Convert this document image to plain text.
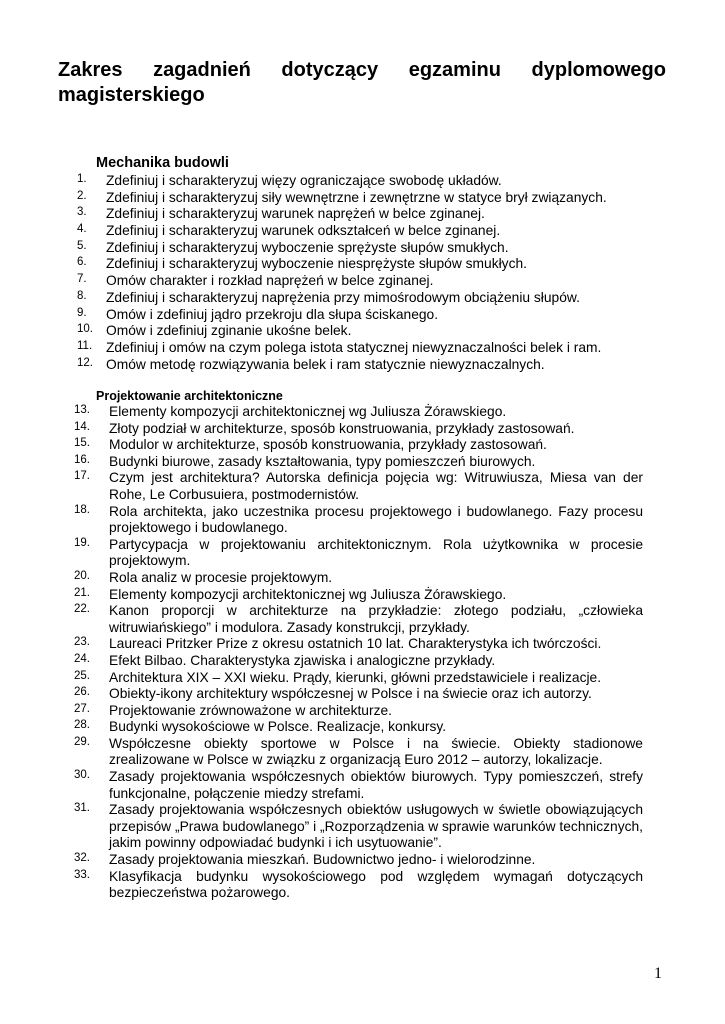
Zakres zagadnień dotyczący egzaminu dyplomowego
magisterskiego
Mechanika budowli
1.	Zdefiniuj i scharakteryzuj więzy ograniczające swobodę układów.
2.	Zdefiniuj i scharakteryzuj siły wewnętrzne i zewnętrzne w statyce brył związanych.
3.	Zdefiniuj i scharakteryzuj warunek naprężeń w belce zginanej.
4.	Zdefiniuj i scharakteryzuj warunek odkształceń w belce zginanej.
5.	Zdefiniuj i scharakteryzuj wyboczenie sprężyste słupów smukłych.
6.	Zdefiniuj i scharakteryzuj wyboczenie niesprężyste słupów smukłych.
7.	Omów charakter i rozkład naprężeń w belce zginanej.
8.	Zdefiniuj i scharakteryzuj naprężenia przy mimośrodowym obciążeniu słupów.
9.	Omów i zdefiniuj jądro przekroju dla słupa ściskanego.
10. Omów i zdefiniuj zginanie ukośne belek.
11.	Zdefiniuj i omów na czym polega istota statycznej niewyznaczalności belek i ram.
12. Omów metodę rozwiązywania belek i ram statycznie niewyznaczalnych.
Projektowanie architektoniczne
13.	Elementy kompozycji architektonicznej wg Juliusza Żórawskiego.
14.	Złoty podział w architekturze, sposób konstruowania, przykłady zastosowań.
15.	Modulor w architekturze, sposób konstruowania, przykłady zastosowań.
16.	Budynki biurowe, zasady kształtowania, typy pomieszczeń biurowych.
17.	Czym jest architektura? Autorska definicja pojęcia wg: Witruwiusza, Miesa van der Rohe, Le Corbusuiera, postmodernistów.
18.	Rola architekta, jako uczestnika procesu projektowego i budowlanego. Fazy procesu projektowego i budowlanego.
19.	Partycypacja w projektowaniu architektonicznym. Rola użytkownika w procesie projektowym.
20.	Rola analiz w procesie projektowym.
21.	Elementy kompozycji architektonicznej wg Juliusza Żórawskiego.
22.	Kanon proporcji w architekturze na przykładzie: złotego podziału, „człowieka witruwiańskiego” i modulora. Zasady konstrukcji, przykłady.
23.	Laureaci Pritzker Prize z okresu ostatnich 10 lat. Charakterystyka ich twórczości.
24.	Efekt Bilbao. Charakterystyka zjawiska i analogiczne przykłady.
25.	Architektura XIX – XXI wieku. Prądy, kierunki, główni przedstawiciele i realizacje.
26.	Obiekty-ikony architektury współczesnej w Polsce i na świecie oraz ich autorzy.
27.	Projektowanie zrównoważone w architekturze.
28.	Budynki wysokościowe w Polsce. Realizacje, konkursy.
29.	Współczesne obiekty sportowe w Polsce i na świecie. Obiekty stadionowe zrealizowane w Polsce w związku z organizacją Euro 2012 – autorzy, lokalizacje.
30.	Zasady projektowania współczesnych obiektów biurowych. Typy pomieszczeń, strefy funkcjonalne, połączenie miedzy strefami.
31.	Zasady projektowania współczesnych obiektów usługowych w świetle obowiązujących przepisów „Prawa budowlanego” i „Rozporządzenia w sprawie warunków technicznych, jakim powinny odpowiadać budynki i ich usytuowanie”.
32.	Zasady projektowania mieszkań. Budownictwo jedno- i wielorodzinne.
33.	Klasyfikacja budynku wysokościowego pod względem wymagań dotyczących bezpieczeństwa pożarowego.
1
